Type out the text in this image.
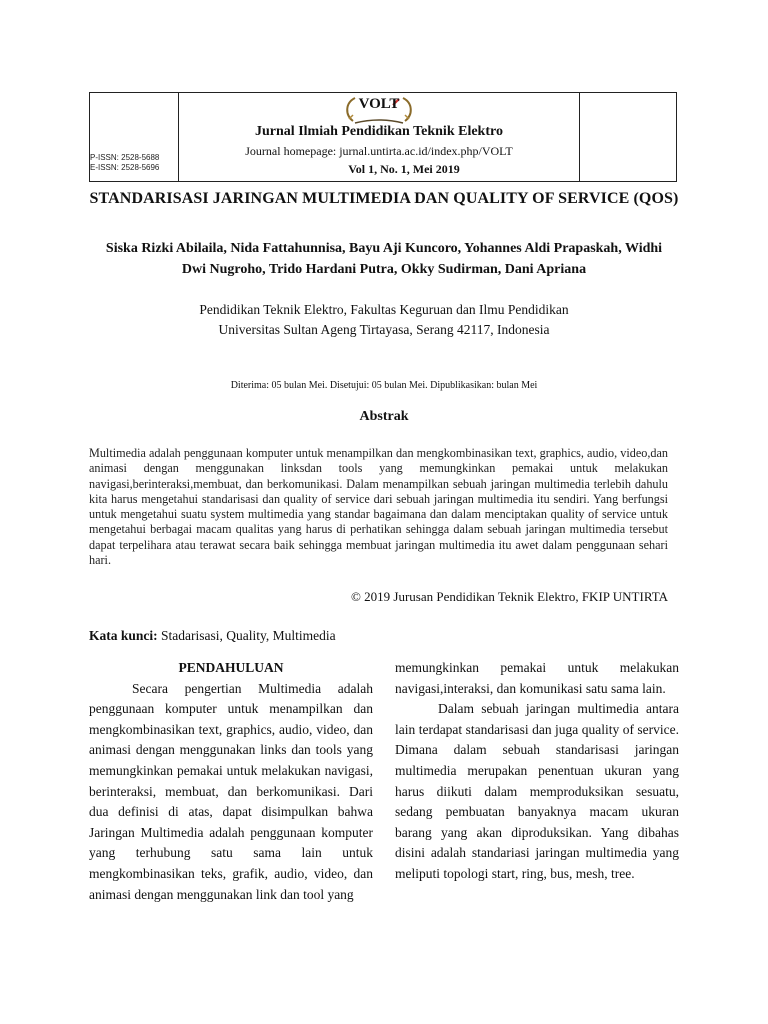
P-ISSN: 2528-5688
E-ISSN: 2528-5696
VOLT
Jurnal Ilmiah Pendidikan Teknik Elektro
Journal homepage: jurnal.untirta.ac.id/index.php/VOLT
Vol 1, No. 1, Mei 2019
STANDARISASI JARINGAN MULTIMEDIA DAN QUALITY OF SERVICE (QOS)
Siska Rizki Abilaila, Nida Fattahunnisa, Bayu Aji Kuncoro, Yohannes Aldi Prapaskah, Widhi
Dwi Nugroho, Trido Hardani Putra, Okky Sudirman, Dani Apriana
Pendidikan Teknik Elektro, Fakultas Keguruan dan Ilmu Pendidikan
Universitas Sultan Ageng Tirtayasa, Serang 42117, Indonesia
Diterima: 05 bulan Mei. Disetujui: 05 bulan Mei. Dipublikasikan: bulan Mei
Abstrak
Multimedia adalah penggunaan komputer untuk menampilkan dan mengkombinasikan text, graphics, audio, video,dan animasi dengan menggunakan linksdan tools yang memungkinkan pemakai untuk melakukan navigasi,berinteraksi,membuat, dan berkomunikasi. Dalam menampilkan sebuah jaringan multimedia terlebih dahulu kita harus mengetahui standarisasi dan quality of service dari sebuah jaringan multimedia itu sendiri. Yang berfungsi untuk mengetahui suatu system multimedia yang standar bagaimana dan dalam menciptakan quality of service untuk mengetahui berbagai macam qualitas yang harus di perhatikan sehingga dalam sebuah jaringan multimedia tersebut dapat terpelihara atau terawat secara baik sehingga membuat jaringan multimedia itu awet dalam penggunaan sehari hari.
© 2019 Jurusan Pendidikan Teknik Elektro, FKIP UNTIRTA
Kata kunci: Stadarisasi, Quality, Multimedia

PENDAHULUAN

Secara pengertian Multimedia adalah penggunaan komputer untuk menampilkan dan mengkombinasikan text, graphics, audio, video, dan animasi dengan menggunakan links dan tools yang memungkinkan pemakai untuk melakukan navigasi, berinteraksi, membuat, dan berkomunikasi. Dari dua definisi di atas, dapat disimpulkan bahwa Jaringan Multimedia adalah penggunaan komputer yang terhubung satu sama lain untuk mengkombinasikan teks, grafik, audio, video, dan animasi dengan menggunakan link dan tool yang

memungkinkan pemakai untuk melakukan navigasi,interaksi, dan komunikasi satu sama lain.

Dalam sebuah jaringan multimedia antara lain terdapat standarisasi dan juga quality of service. Dimana dalam sebuah standarisasi jaringan multimedia merupakan penentuan ukuran yang harus diikuti dalam memproduksikan sesuatu, sedang pembuatan banyaknya macam ukuran barang yang akan diproduksikan. Yang dibahas disini adalah standariasi jaringan multimedia yang meliputi topologi start, ring, bus, mesh, tree.
